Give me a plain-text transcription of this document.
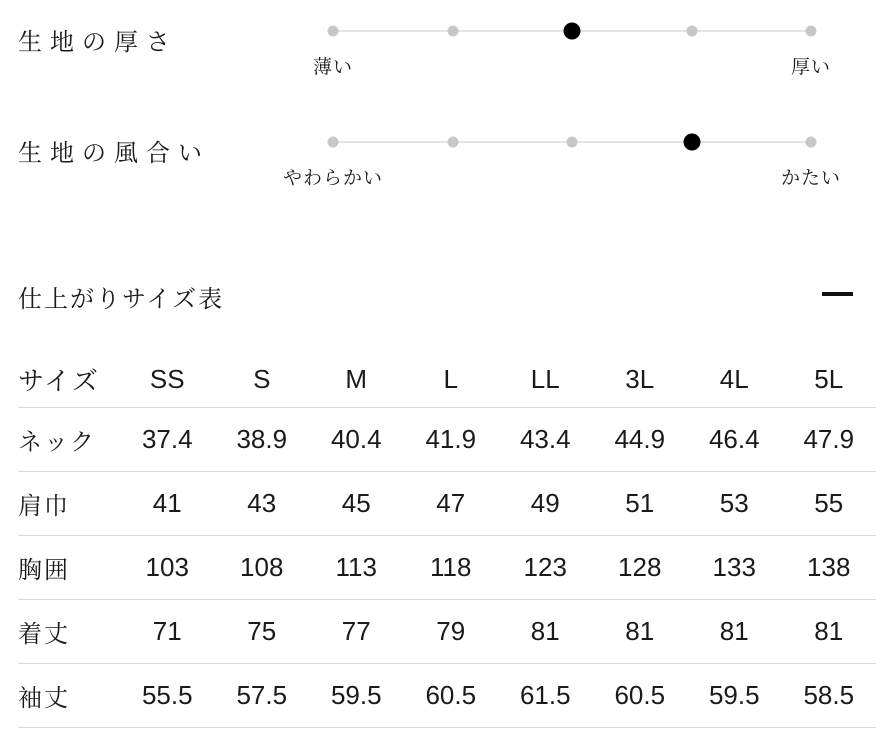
生地の厚さ
薄い	厚い
生地の風合い
やわらかい	かたい
仕上がりサイズ表
サイズ	SS	S	M	L	LL	3L	4L	5L
ネック	37.4	38.9	40.4	41.9	43.4	44.9	46.4	47.9
肩巾	41	43	45	47	49	51	53	55
胸囲	103	108	113	118	123	128	133	138
着丈	71	75	77	79	81	81	81	81
袖丈	55.5	57.5	59.5	60.5	61.5	60.5	59.5	58.5
